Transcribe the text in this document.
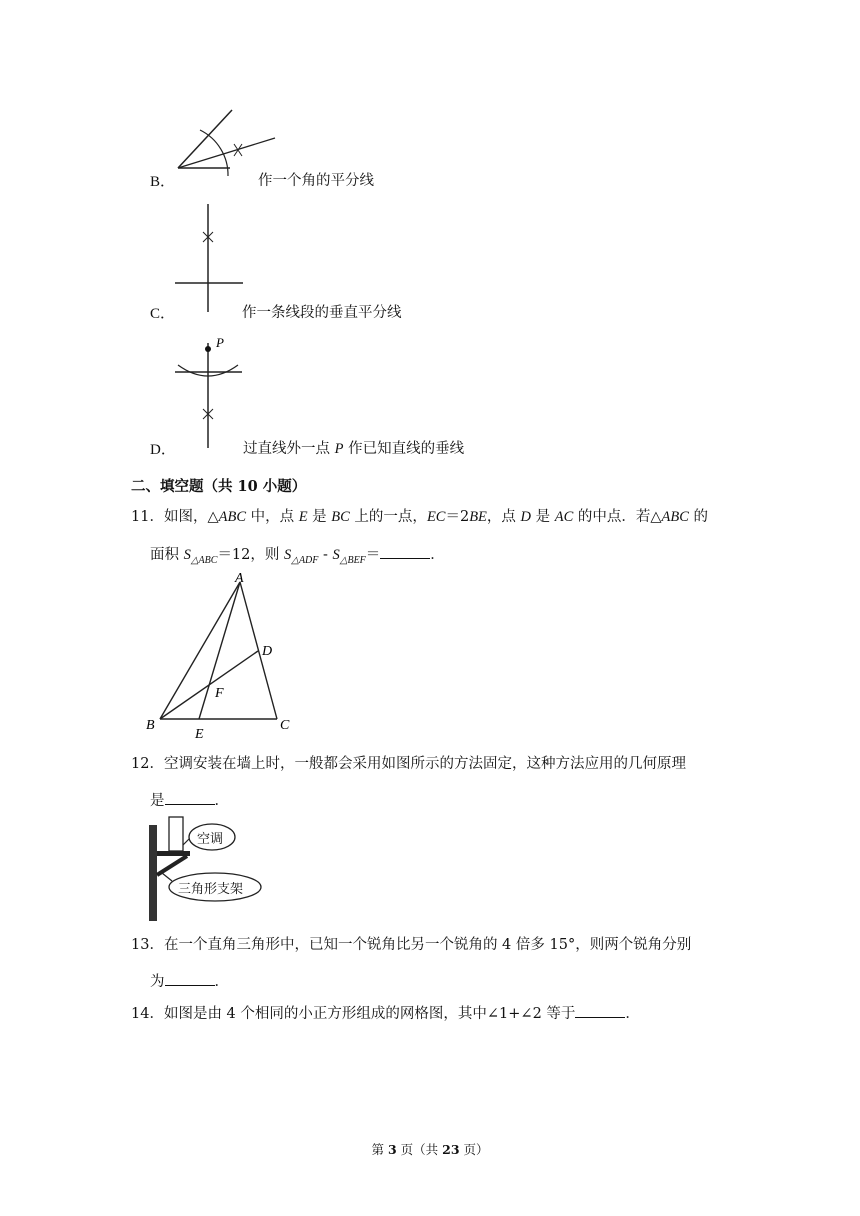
B．	作一个角的平分线
C．	作一条线段的垂直平分线
P
D．	过直线外一点 P 作已知直线的垂线
二、填空题（共 10 小题）
11．如图，△ABC 中，点 E 是 BC 上的一点，EC＝2BE，点 D 是 AC 的中点．若△ABC 的
面积 $S_{\triangle ABC}=12$，则 $S_{\triangle ADF} - S_{\triangle BEF}=$	．
A
B	C
D
E
F
12．空调安装在墙上时，一般都会采用如图所示的方法固定，这种方法应用的几何原理
是	．
空调
三角形支架
13．在一个直角三角形中，已知一个锐角比另一个锐角的 4 倍多 15°，则两个锐角分别
为	．
14．如图是由 4 个相同的小正方形组成的网格图，其中∠1+∠2 等于	．
第 3 页（共 23 页）
